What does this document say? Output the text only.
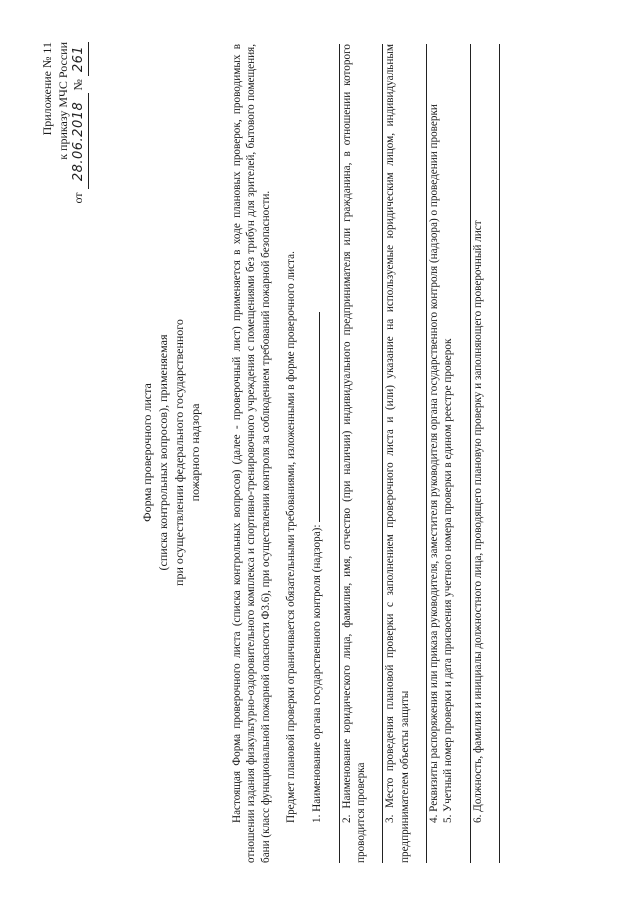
Приложение № 11 к приказу МЧС России
от 28.06.2018 № 261
Форма проверочного листа (списка контрольных вопросов), применяемая при осуществлении федерального государственного пожарного надзора	Настоящая Форма проверочного листа (списка контрольных вопросов) (далее - проверочный лист) применяется в ходе плановых проверок, проводимых в отношении издания физкультурно-оздоровительного комплекса и спортивно-тренировочного учреждения с помещениями без трибун для зрителей, бытового помещения, бани (класс функциональной пожарной опасности Ф3.6), при осуществлении контроля за соблюдением требований пожарной безопасности. Предмет плановой проверки ограничивается обязательными требованиями, изложенными в форме проверочного листа. 1. Наименование органа государственного контроля (надзора): 2. Наименование юридического лица, фамилия, имя, отчество (при наличии) индивидуального предпринимателя или гражданина, в отношении которого проводится проверка 3. Место проведения плановой проверки с заполнением проверочного листа и (или) указание на используемые юридическим лицом, индивидуальным предпринимателем объекты защиты 4. Реквизиты распоряжения или приказа руководителя, заместителя руководителя органа государственного контроля (надзора) о проведении проверки 5. Учетный номер проверки и дата присвоения учетного номера проверки в едином реестре проверок 6. Должность, фамилия и инициалы должностного лица, проводящего плановую проверку и заполняющего проверочный лист
